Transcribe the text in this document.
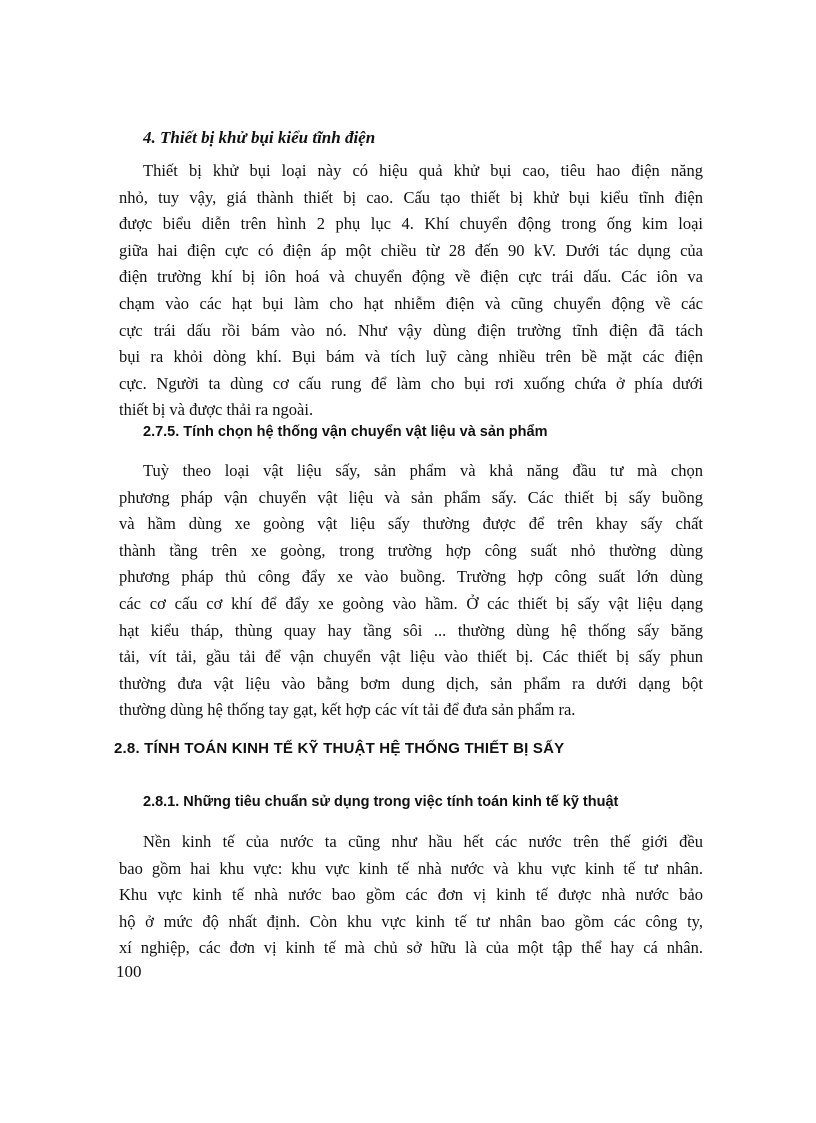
4. Thiết bị khử bụi kiểu tĩnh điện
Thiết bị khử bụi loại này có hiệu quả khử bụi cao, tiêu hao điện năng
nhỏ, tuy vậy, giá thành thiết bị cao. Cấu tạo thiết bị khử bụi kiểu tĩnh điện
được biểu diễn trên hình 2 phụ lục 4. Khí chuyển động trong ống kim loại
giữa hai điện cực có điện áp một chiều từ 28 đến 90 kV. Dưới tác dụng của
điện trường khí bị iôn hoá và chuyển động về điện cực trái dấu. Các iôn va
chạm vào các hạt bụi làm cho hạt nhiễm điện và cũng chuyển động về các
cực trái dấu rồi bám vào nó. Như vậy dùng điện trường tĩnh điện đã tách
bụi ra khỏi dòng khí. Bụi bám và tích luỹ càng nhiều trên bề mặt các điện
cực. Người ta dùng cơ cấu rung để làm cho bụi rơi xuống chứa ở phía dưới
thiết bị và được thải ra ngoài.
2.7.5. Tính chọn hệ thống vận chuyển vật liệu và sản phẩm
Tuỳ theo loại vật liệu sấy, sản phẩm và khả năng đầu tư mà chọn
phương pháp vận chuyển vật liệu và sản phẩm sấy. Các thiết bị sấy buồng
và hầm dùng xe goòng vật liệu sấy thường được để trên khay sấy chất
thành tầng trên xe goòng, trong trường hợp công suất nhỏ thường dùng
phương pháp thủ công đẩy xe vào buồng. Trường hợp công suất lớn dùng
các cơ cấu cơ khí để đẩy xe goòng vào hầm. Ở các thiết bị sấy vật liệu dạng
hạt kiểu tháp, thùng quay hay tầng sôi ... thường dùng hệ thống sấy băng
tải, vít tải, gầu tải để vận chuyển vật liệu vào thiết bị. Các thiết bị sấy phun
thường đưa vật liệu vào bằng bơm dung dịch, sản phẩm ra dưới dạng bột
thường dùng hệ thống tay gạt, kết hợp các vít tải để đưa sản phẩm ra.
2.8. TÍNH TOÁN KINH TẾ KỸ THUẬT HỆ THỐNG THIẾT BỊ SẤY
2.8.1. Những tiêu chuẩn sử dụng trong việc tính toán kinh tế kỹ thuật
Nền kinh tế của nước ta cũng như hầu hết các nước trên thế giới đều
bao gồm hai khu vực: khu vực kinh tế nhà nước và khu vực kinh tế tư nhân.
Khu vực kinh tế nhà nước bao gồm các đơn vị kinh tế được nhà nước bảo
hộ ở mức độ nhất định. Còn khu vực kinh tế tư nhân bao gồm các công ty,
xí nghiệp, các đơn vị kinh tế mà chủ sở hữu là của một tập thể hay cá nhân.
100
